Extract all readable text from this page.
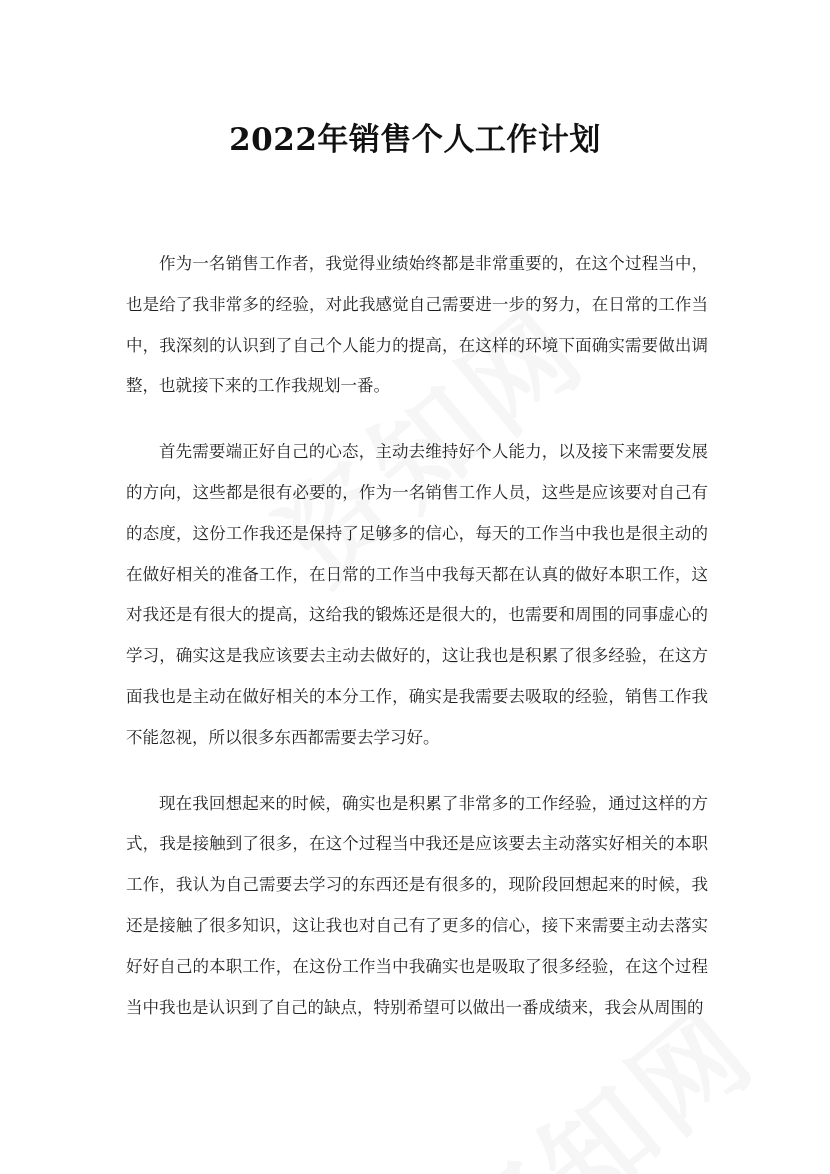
2022年销售个人工作计划

作为一名销售工作者，我觉得业绩始终都是非常重要的，在这个过程当中，也是给了我非常多的经验，对此我感觉自己需要进一步的努力，在日常的工作当中，我深刻的认识到了自己个人能力的提高，在这样的环境下面确实需要做出调整，也就接下来的工作我规划一番。

首先需要端正好自己的心态，主动去维持好个人能力，以及接下来需要发展的方向，这些都是很有必要的，作为一名销售工作人员，这些是应该要对自己有的态度，这份工作我还是保持了足够多的信心，每天的工作当中我也是很主动的在做好相关的准备工作，在日常的工作当中我每天都在认真的做好本职工作，这对我还是有很大的提高，这给我的锻炼还是很大的，也需要和周围的同事虚心的学习，确实这是我应该要去主动去做好的，这让我也是积累了很多经验，在这方面我也是主动在做好相关的本分工作，确实是我需要去吸取的经验，销售工作我不能忽视，所以很多东西都需要去学习好。

现在我回想起来的时候，确实也是积累了非常多的工作经验，通过这样的方式，我是接触到了很多，在这个过程当中我还是应该要去主动落实好相关的本职工作，我认为自己需要去学习的东西还是有很多的，现阶段回想起来的时候，我还是接触了很多知识，这让我也对自己有了更多的信心，接下来需要主动去落实好好自己的本职工作，在这份工作当中我确实也是吸取了很多经验，在这个过程当中我也是认识到了自己的缺点，特别希望可以做出一番成绩来，我会从周围的
